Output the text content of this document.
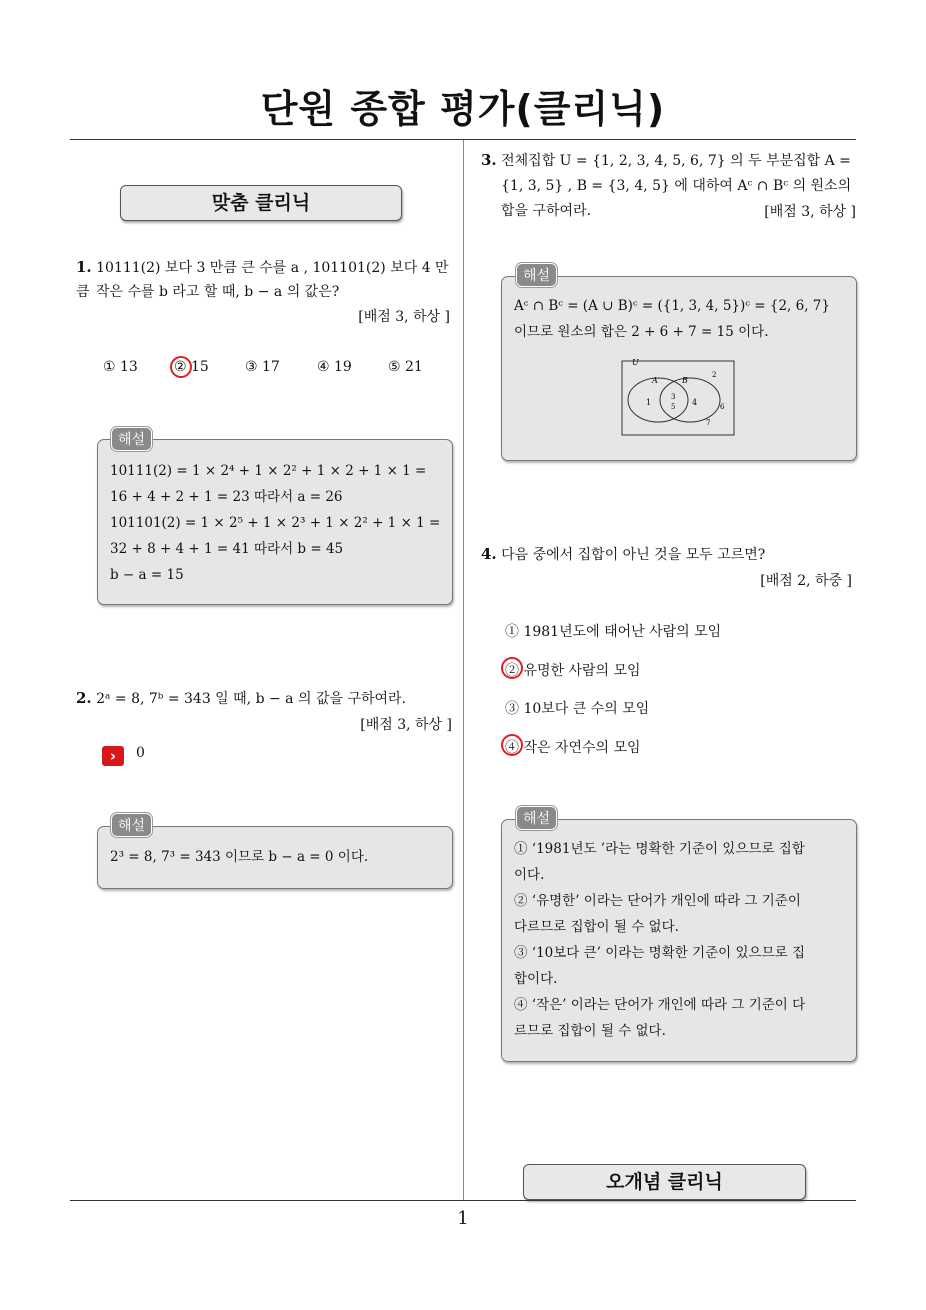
단원 종합 평가(클리닉)
맞춤 클리닉
1. 10111(2) 보다 3 만큼 큰 수를 a , 101101(2) 보다 4 만큼 작은 수를 b 라고 할 때, b − a 의 값은?
[배점 3, 하상 ]
① 13	② 15	③ 17	④ 19	⑤ 21
해설
10111(2) = 1 × 2⁴ + 1 × 2² + 1 × 2 + 1 × 1 =
16 + 4 + 2 + 1 = 23 따라서 a = 26
101101(2) = 1 × 2⁵ + 1 × 2³ + 1 × 2² + 1 × 1 =
32 + 8 + 4 + 1 = 41 따라서 b = 45
b − a = 15
2. 2ᵃ = 8, 7ᵇ = 343 일 때, b − a 의 값을 구하여라.
[배점 3, 하상 ]
›	0
해설
2³ = 8, 7³ = 343 이므로 b − a = 0 이다.
3. 전체집합 U = {1, 2, 3, 4, 5, 6, 7} 의 두 부분집합 A =
{1, 3, 5} , B = {3, 4, 5} 에 대하여 Aᶜ ∩ Bᶜ 의 원소의
합을 구하여라.	[배점 3, 하상 ]
해설
Aᶜ ∩ Bᶜ = (A ∪ B)ᶜ = ({1, 3, 4, 5})ᶜ = {2, 6, 7}
이므로 원소의 합은 2 + 6 + 7 = 15 이다.
U
A	B
1
3
5 4
2
6
7
4. 다음 중에서 집합이 아닌 것을 모두 고르면?
[배점 2, 하중 ]
① 1981년도에 태어난 사람의 모임
② 유명한 사람의 모임
③ 10보다 큰 수의 모임
④ 작은 자연수의 모임
해설
① ‘1981년도 ’라는 명확한 기준이 있으므로 집합
이다.
② ‘유명한’ 이라는 단어가 개인에 따라 그 기준이
다르므로 집합이 될 수 없다.
③ ‘10보다 큰’ 이라는 명확한 기준이 있으므로 집
합이다.
④ ‘작은’ 이라는 단어가 개인에 따라 그 기준이 다
르므로 집합이 될 수 없다.
오개념 클리닉
1
